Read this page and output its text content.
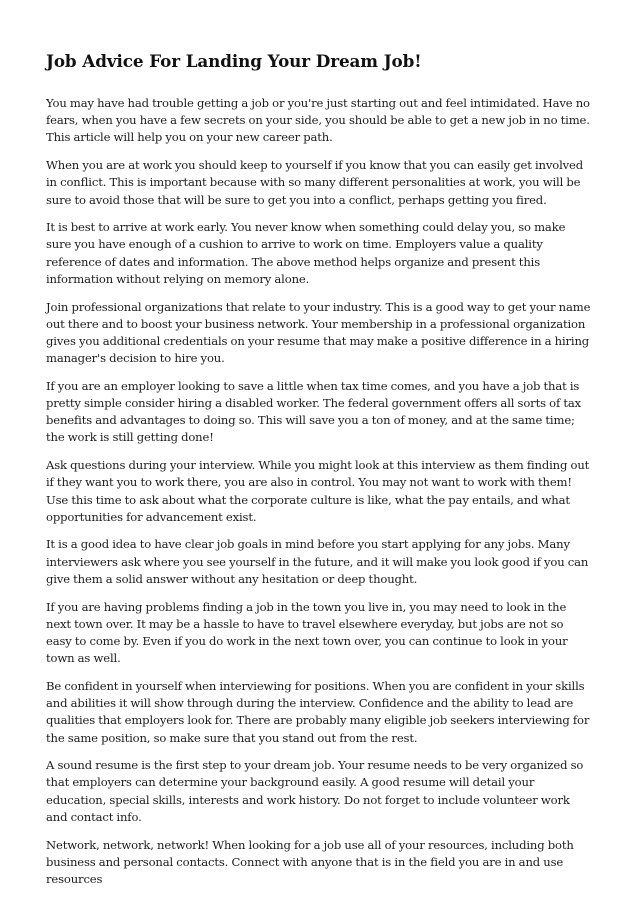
Job Advice For Landing Your Dream Job!

You may have had trouble getting a job or you're just starting out and feel intimidated. Have no fears, when you have a few secrets on your side, you should be able to get a new job in no time. This article will help you on your new career path.

When you are at work you should keep to yourself if you know that you can easily get involved in conflict. This is important because with so many different personalities at work, you will be sure to avoid those that will be sure to get you into a conflict, perhaps getting you fired.

It is best to arrive at work early. You never know when something could delay you, so make sure you have enough of a cushion to arrive to work on time. Employers value a quality reference of dates and information. The above method helps organize and present this information without relying on memory alone.

Join professional organizations that relate to your industry. This is a good way to get your name out there and to boost your business network. Your membership in a professional organization gives you additional credentials on your resume that may make a positive difference in a hiring manager's decision to hire you.

If you are an employer looking to save a little when tax time comes, and you have a job that is pretty simple consider hiring a disabled worker. The federal government offers all sorts of tax benefits and advantages to doing so. This will save you a ton of money, and at the same time; the work is still getting done!

Ask questions during your interview. While you might look at this interview as them finding out if they want you to work there, you are also in control. You may not want to work with them! Use this time to ask about what the corporate culture is like, what the pay entails, and what opportunities for advancement exist.

It is a good idea to have clear job goals in mind before you start applying for any jobs. Many interviewers ask where you see yourself in the future, and it will make you look good if you can give them a solid answer without any hesitation or deep thought.

If you are having problems finding a job in the town you live in, you may need to look in the next town over. It may be a hassle to have to travel elsewhere everyday, but jobs are not so easy to come by. Even if you do work in the next town over, you can continue to look in your town as well.

Be confident in yourself when interviewing for positions. When you are confident in your skills and abilities it will show through during the interview. Confidence and the ability to lead are qualities that employers look for. There are probably many eligible job seekers interviewing for the same position, so make sure that you stand out from the rest.

A sound resume is the first step to your dream job. Your resume needs to be very organized so that employers can determine your background easily. A good resume will detail your education, special skills, interests and work history. Do not forget to include volunteer work and contact info.

Network, network, network! When looking for a job use all of your resources, including both business and personal contacts. Connect with anyone that is in the field you are in and use resources
